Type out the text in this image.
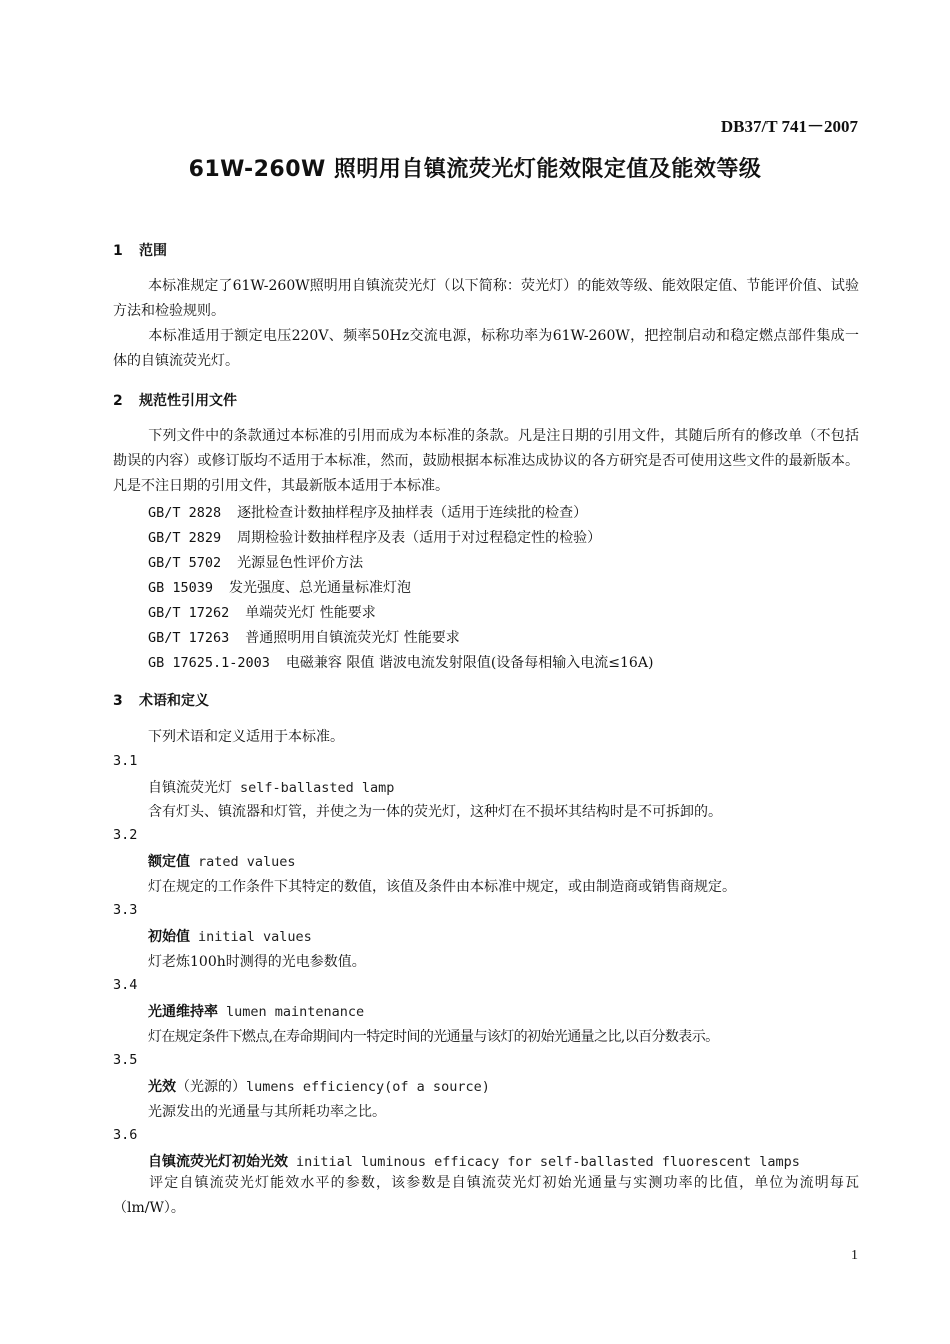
DB37/T 741－2007
61W-260W 照明用自镇流荧光灯能效限定值及能效等级
1 范围
本标准规定了61W-260W照明用自镇流荧光灯（以下简称：荧光灯）的能效等级、能效限定值、节能评价值、试验方法和检验规则。
本标准适用于额定电压220V、频率50Hz交流电源，标称功率为61W-260W，把控制启动和稳定燃点部件集成一体的自镇流荧光灯。
2 规范性引用文件
下列文件中的条款通过本标准的引用而成为本标准的条款。凡是注日期的引用文件，其随后所有的修改单（不包括勘误的内容）或修订版均不适用于本标准，然而，鼓励根据本标准达成协议的各方研究是否可使用这些文件的最新版本。凡是不注日期的引用文件，其最新版本适用于本标准。
GB/T 2828 逐批检查计数抽样程序及抽样表（适用于连续批的检查）
GB/T 2829 周期检验计数抽样程序及表（适用于对过程稳定性的检验）
GB/T 5702 光源显色性评价方法
GB 15039 发光强度、总光通量标准灯泡
GB/T 17262 单端荧光灯 性能要求
GB/T 17263 普通照明用自镇流荧光灯 性能要求
GB 17625.1-2003 电磁兼容 限值 谐波电流发射限值(设备每相输入电流≤16A)
3 术语和定义
下列术语和定义适用于本标准。
3.1
自镇流荧光灯 self-ballasted lamp
含有灯头、镇流器和灯管，并使之为一体的荧光灯，这种灯在不损坏其结构时是不可拆卸的。
3.2
额定值 rated values
灯在规定的工作条件下其特定的数值，该值及条件由本标准中规定，或由制造商或销售商规定。
3.3
初始值 initial values
灯老炼100h时测得的光电参数值。
3.4
光通维持率 lumen maintenance
灯在规定条件下燃点,在寿命期间内一特定时间的光通量与该灯的初始光通量之比,以百分数表示。
3.5
光效（光源的）lumens efficiency(of a source)
光源发出的光通量与其所耗功率之比。
3.6
自镇流荧光灯初始光效 initial luminous efficacy for self-ballasted fluorescent lamps
评定自镇流荧光灯能效水平的参数，该参数是自镇流荧光灯初始光通量与实测功率的比值，单位为流明每瓦（lm/W）。
1
